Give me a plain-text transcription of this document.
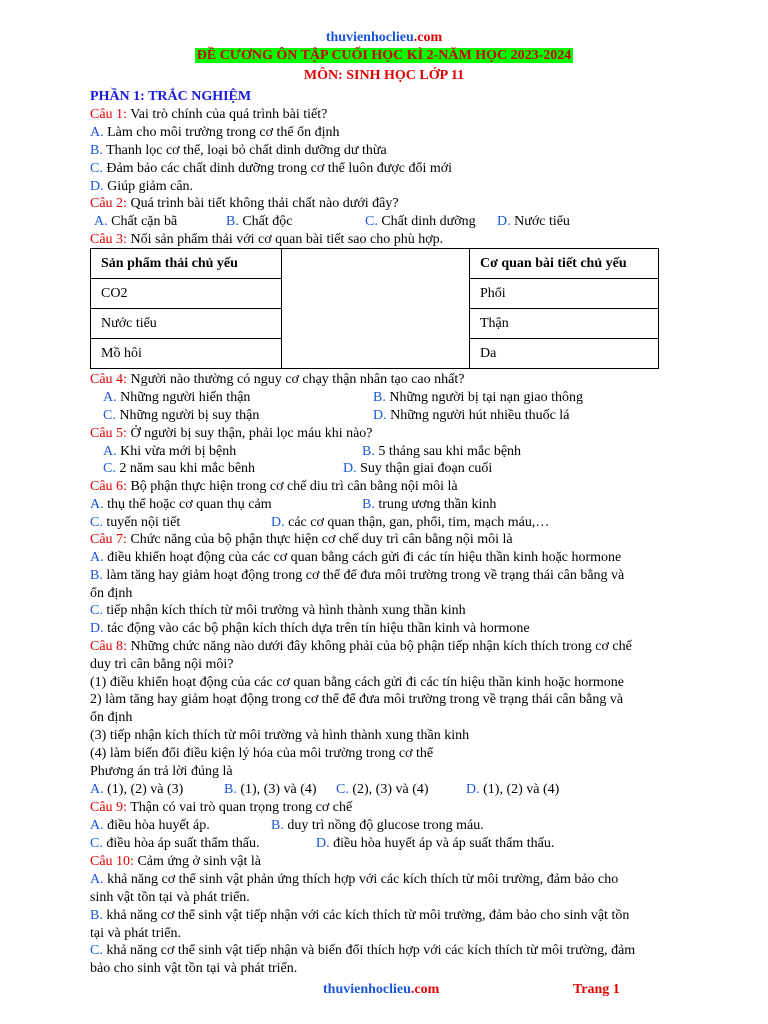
thuvienhoclieu.com
ĐỀ CƯƠNG ÔN TẬP CUỐI HỌC KÌ 2-NĂM HỌC 2023-2024
MÔN: SINH HỌC LỚP 11
PHẦN 1: TRẮC NGHIỆM
Câu 1: Vai trò chính của quá trình bài tiết?
A. Làm cho môi trường trong cơ thể ổn định
B. Thanh lọc cơ thể, loại bỏ chất dinh dưỡng dư thừa
C. Đảm bảo các chất dinh dưỡng trong cơ thể luôn được đổi mới
D. Giúp giảm cân.
Câu 2: Quá trình bài tiết không thải chất nào dưới đây?
A. Chất cặn bã	B. Chất độc	C. Chất dinh dưỡng D. Nước tiểu
Câu 3: Nối sản phẩm thải với cơ quan bài tiết sao cho phù hợp.
Sản phẩm thải chủ yếu		Cơ quan bài tiết chủ yếu
CO2		Phổi
Nước tiểu		Thận
Mồ hôi		Da
Câu 4: Người nào thường có nguy cơ chạy thận nhân tạo cao nhất?
A. Những người hiến thận	B. Những người bị tại nạn giao thông
C. Những người bị suy thận	D. Những người hút nhiều thuốc lá
Câu 5: Ở người bị suy thận, phải lọc máu khi nào?
A. Khi vừa mới bị bệnh	B. 5 tháng sau khi mắc bệnh
C. 2 năm sau khi mắc bênh	D. Suy thận giai đoạn cuối
Câu 6: Bộ phận thực hiện trong cơ chế diu trì cân bằng nội môi là
A. thụ thể hoặc cơ quan thụ cảm	B. trung ương thần kinh
C. tuyến nội tiết	D. các cơ quan thận, gan, phổi, tim, mạch máu,…
Câu 7: Chức năng của bộ phận thực hiện cơ chế duy trì cân bằng nội môi là
A. điều khiển hoạt động của các cơ quan bằng cách gửi đi các tín hiệu thần kinh hoặc hormone
B. làm tăng hay giảm hoạt động trong cơ thể để đưa môi trường trong về trạng thái cân bằng và
ổn định
C. tiếp nhận kích thích từ môi trường và hình thành xung thần kinh
D. tác động vào các bộ phận kích thích dựa trên tín hiệu thần kinh và hormone
Câu 8: Những chức năng nào dưới đây không phải của bộ phận tiếp nhận kích thích trong cơ chế
duy trì cân bằng nội môi?
(1) điều khiển hoạt động của các cơ quan bằng cách gửi đi các tín hiệu thần kinh hoặc hormone
2) làm tăng hay giảm hoạt động trong cơ thể để đưa môi trường trong về trạng thái cân bằng và
ổn định
(3) tiếp nhận kích thích từ môi trường và hình thành xung thần kinh
(4) làm biến đổi điều kiện lý hóa của môi trường trong cơ thể
Phương án trả lời đúng là
A. (1), (2) và (3)	B. (1), (3) và (4) C. (2), (3) và (4)	D. (1), (2) và (4)
Câu 9: Thận có vai trò quan trọng trong cơ chế
A. điều hòa huyết áp.	B. duy trì nồng độ glucose trong máu.
C. điều hòa áp suất thẩm thấu.	D. điều hòa huyết áp và áp suất thẩm thấu.
Câu 10: Cảm ứng ở sinh vật là
A. khả năng cơ thể sinh vật phản ứng thích hợp với các kích thích từ môi trường, đảm bảo cho
sinh vật tồn tại và phát triển.
B. khả năng cơ thể sinh vật tiếp nhận với các kích thích từ môi trường, đảm bảo cho sinh vật tồn
tại và phát triển.
C. khả năng cơ thể sinh vật tiếp nhận và biến đổi thích hợp với các kích thích từ môi trường, đảm
bảo cho sinh vật tồn tại và phát triển.
thuvienhoclieu.com	Trang 1
